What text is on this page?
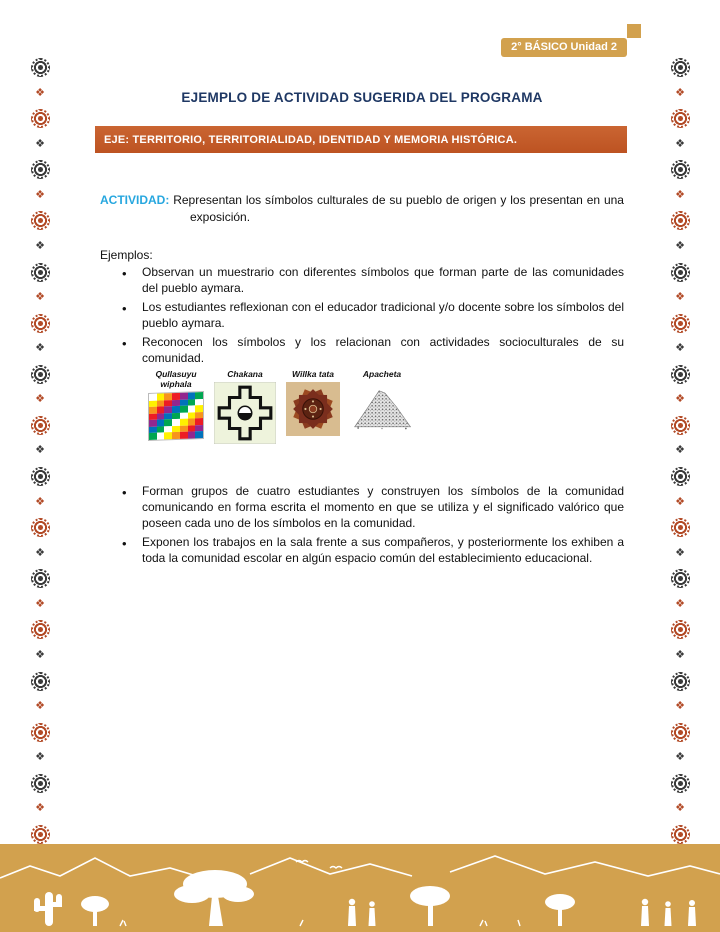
❖
❖
❖
❖
❖
❖
❖
❖
❖
❖
❖
❖
❖
❖
❖
❖
❖
❖
❖
❖
❖
❖
❖
❖
❖
❖
❖
❖
❖
❖
2° BÁSICO Unidad 2
EJEMPLO DE ACTIVIDAD SUGERIDA DEL PROGRAMA
EJE: TERRITORIO, TERRITORIALIDAD, IDENTIDAD Y MEMORIA HISTÓRICA.

ACTIVIDAD: Representan los símbolos culturales de su pueblo de origen y los presentan en una exposición.

Ejemplos:
• Observan un muestrario con diferentes símbolos que forman parte de las comunidades del pueblo aymara.
• Los estudiantes reflexionan con el educador tradicional y/o docente sobre los símbolos del pueblo aymara.
• Reconocen los símbolos y los relacionan con actividades socioculturales de su comunidad.
Qullasuyu wiphala
Chakana	Willka tata	Apacheta
• Forman grupos de cuatro estudiantes y construyen los símbolos de la comunidad comunicando en forma escrita el momento en que se utiliza y el significado valórico que poseen cada uno de los símbolos en la comunidad.
• Exponen los trabajos en la sala frente a sus compañeros, y posteriormente los exhiben a toda la comunidad escolar en algún espacio común del establecimiento educacional.
